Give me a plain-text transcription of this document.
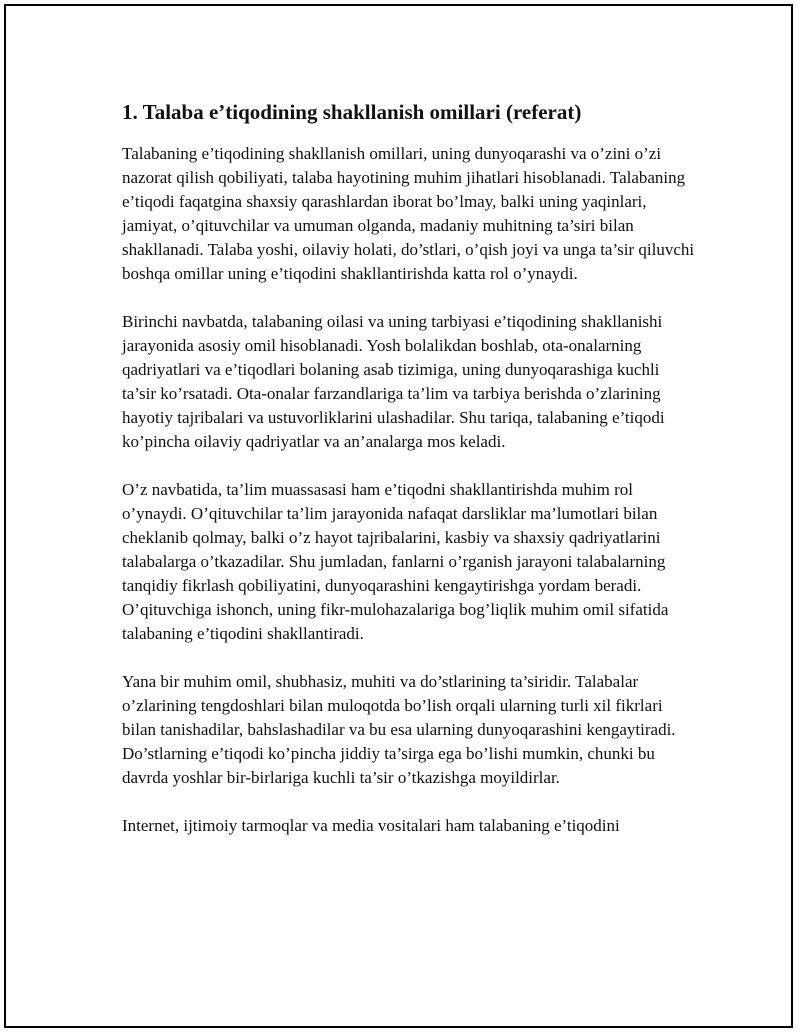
1. Talaba e’tiqodining shakllanish omillari (referat)

Talabaning e’tiqodining shakllanish omillari, uning dunyoqarashi va o’zini o’zi nazorat qilish qobiliyati, talaba hayotining muhim jihatlari hisoblanadi. Talabaning e’tiqodi faqatgina shaxsiy qarashlardan iborat bo’lmay, balki uning yaqinlari, jamiyat, o’qituvchilar va umuman olganda, madaniy muhitning ta’siri bilan shakllanadi. Talaba yoshi, oilaviy holati, do’stlari, o’qish joyi va unga ta’sir qiluvchi boshqa omillar uning e’tiqodini shakllantirishda katta rol o’ynaydi.

Birinchi navbatda, talabaning oilasi va uning tarbiyasi e’tiqodining shakllanishi jarayonida asosiy omil hisoblanadi. Yosh bolalikdan boshlab, ota-onalarning qadriyatlari va e’tiqodlari bolaning asab tizimiga, uning dunyoqarashiga kuchli ta’sir ko’rsatadi. Ota-onalar farzandlariga ta’lim va tarbiya berishda o’zlarining hayotiy tajribalari va ustuvorliklarini ulashadilar. Shu tariqa, talabaning e’tiqodi ko’pincha oilaviy qadriyatlar va an’analarga mos keladi.

O’z navbatida, ta’lim muassasasi ham e’tiqodni shakllantirishda muhim rol o’ynaydi. O’qituvchilar ta’lim jarayonida nafaqat darsliklar ma’lumotlari bilan cheklanib qolmay, balki o’z hayot tajribalarini, kasbiy va shaxsiy qadriyatlarini talabalarga o’tkazadilar. Shu jumladan, fanlarni o’rganish jarayoni talabalarning tanqidiy fikrlash qobiliyatini, dunyoqarashini kengaytirishga yordam beradi. O’qituvchiga ishonch, uning fikr-mulohazalariga bog’liqlik muhim omil sifatida talabaning e’tiqodini shakllantiradi.

Yana bir muhim omil, shubhasiz, muhiti va do’stlarining ta’siridir. Talabalar o’zlarining tengdoshlari bilan muloqotda bo’lish orqali ularning turli xil fikrlari bilan tanishadilar, bahslashadilar va bu esa ularning dunyoqarashini kengaytiradi. Do’stlarning e’tiqodi ko’pincha jiddiy ta’sirga ega bo’lishi mumkin, chunki bu davrda yoshlar bir-birlariga kuchli ta’sir o’tkazishga moyildirlar.

Internet, ijtimoiy tarmoqlar va media vositalari ham talabaning e’tiqodini
